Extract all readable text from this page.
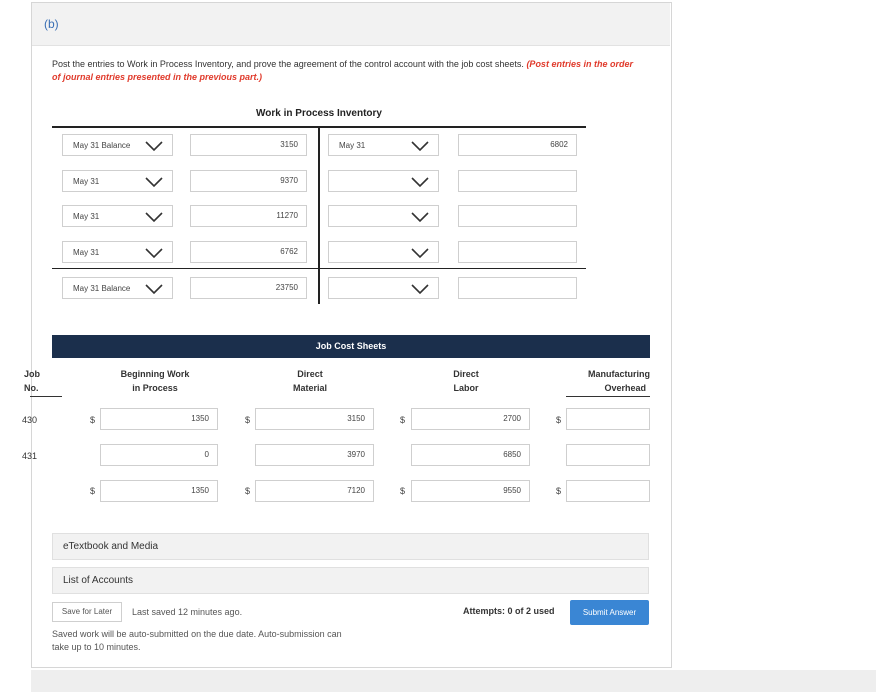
(b)
Post the entries to Work in Process Inventory, and prove the agreement of the control account with the job cost sheets. (Post entries in the order of journal entries presented in the previous part.)
Work in Process Inventory
May 31 Balance	3150	May 31	6802
May 31	9370
May 31	11270
May 31	6762
May 31 Balance	23750
Job Cost Sheets
Job
No.
Beginning Work
in Process
Direct
Material
Direct
Labor
Manufacturing
Overhead
430	$	1350	$	3150	$	2700	$
431	0	3970	6850
$	1350	$	7120	$	9550	$
eTextbook and Media
List of Accounts
Save for Later	Last saved 12 minutes ago.
Saved work will be auto-submitted on the due date. Auto-submission can take up to 10 minutes.
Attempts: 0 of 2 used	Submit Answer
